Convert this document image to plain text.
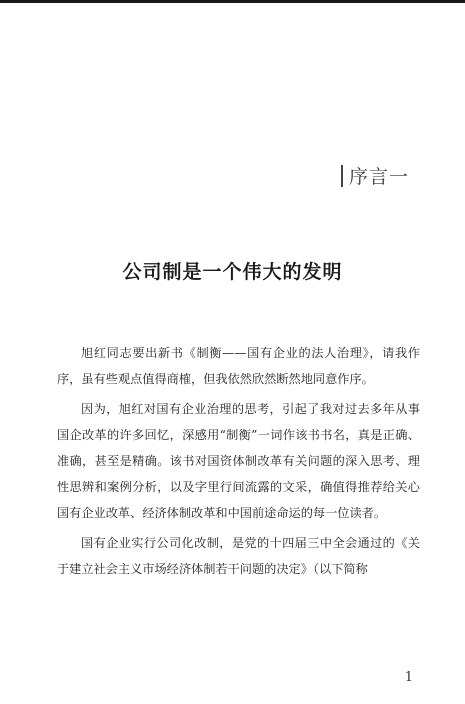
序言一
公司制是一个伟大的发明

旭红同志要出新书《制衡——国有企业的法人治理》，请我作序，虽有些观点值得商榷，但我依然欣然断然地同意作序。

因为，旭红对国有企业治理的思考，引起了我对过去多年从事国企改革的许多回忆，深感用“制衡”一词作该书书名，真是正确、准确，甚至是精确。该书对国资体制改革有关问题的深入思考、理性思辨和案例分析，以及字里行间流露的文采，确值得推荐给关心国有企业改革、经济体制改革和中国前途命运的每一位读者。

国有企业实行公司化改制，是党的十四届三中全会通过的《关于建立社会主义市场经济体制若干问题的决定》（以下简称

1
